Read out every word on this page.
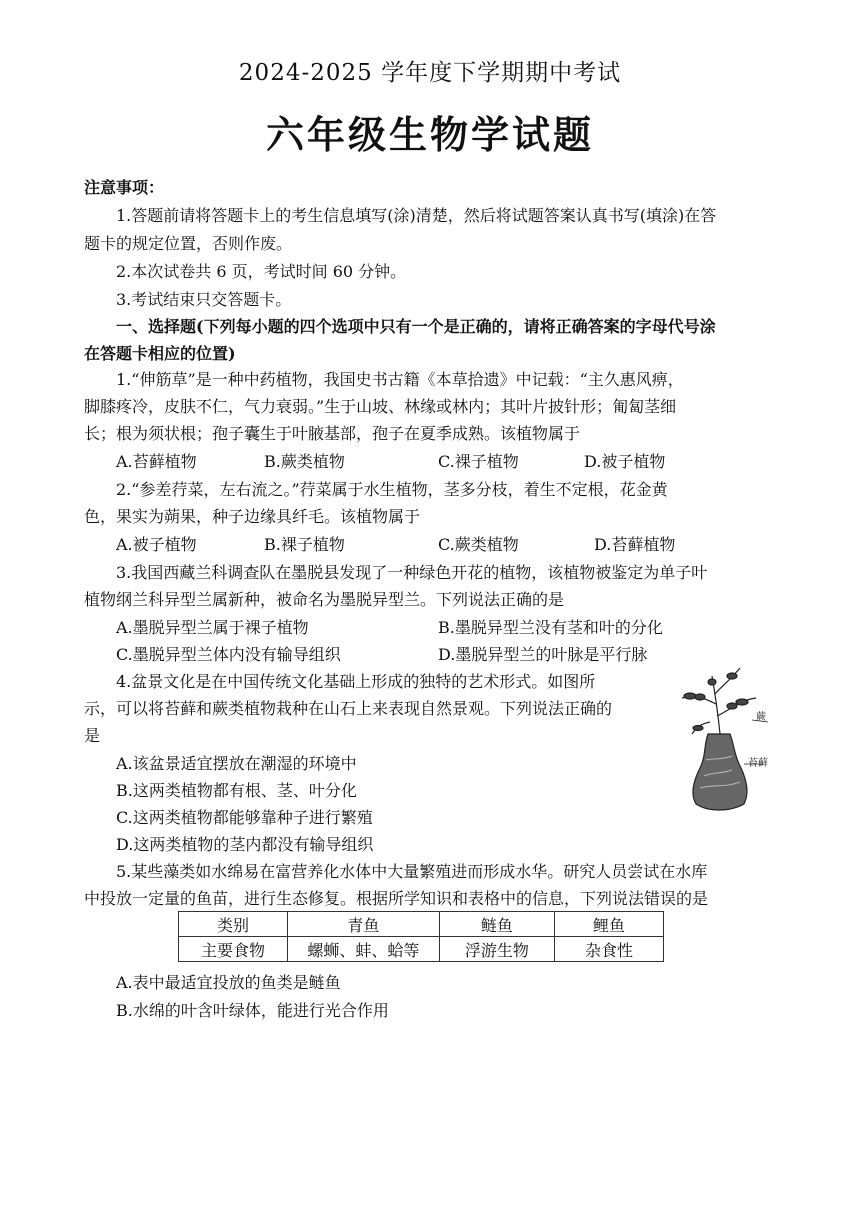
2024-2025 学年度下学期期中考试
六年级生物学试题
注意事项：
1.答题前请将答题卡上的考生信息填写(涂)清楚，然后将试题答案认真书写(填涂)在答
题卡的规定位置，否则作废。
2.本次试卷共 6 页，考试时间 60 分钟。
3.考试结束只交答题卡。
一、选择题(下列每小题的四个选项中只有一个是正确的，请将正确答案的字母代号涂
在答题卡相应的位置)
1.“伸筋草”是一种中药植物，我国史书古籍《本草拾遗》中记载：“主久惠风痹，
脚膝疼冷，皮肤不仁，气力衰弱。”生于山坡、林缘或林内；其叶片披针形；匍匐茎细
长；根为须状根；孢子囊生于叶腋基部，孢子在夏季成熟。该植物属于
A.苔藓植物	B.蕨类植物	C.裸子植物	D.被子植物
2.“参差荇菜，左右流之。”荇菜属于水生植物，茎多分枝，着生不定根，花金黄
色，果实为蒴果，种子边缘具纤毛。该植物属于
A.被子植物	B.裸子植物	C.蕨类植物	D.苔藓植物
3.我国西藏兰科调查队在墨脱县发现了一种绿色开花的植物，该植物被鉴定为单子叶
植物纲兰科异型兰属新种，被命名为墨脱异型兰。下列说法正确的是
A.墨脱异型兰属于裸子植物	B.墨脱异型兰没有茎和叶的分化
C.墨脱异型兰体内没有输导组织	D.墨脱异型兰的叶脉是平行脉
4.盆景文化是在中国传统文化基础上形成的独特的艺术形式。如图所
示，可以将苔藓和蕨类植物栽种在山石上来表现自然景观。下列说法正确的
是
A.该盆景适宜摆放在潮湿的环境中
B.这两类植物都有根、茎、叶分化
C.这两类植物都能够靠种子进行繁殖
D.这两类植物的茎内都没有输导组织
蕨
苔藓
5.某些藻类如水绵易在富营养化水体中大量繁殖进而形成水华。研究人员尝试在水库
中投放一定量的鱼苗，进行生态修复。根据所学知识和表格中的信息，下列说法错误的是
类别	青鱼	鲢鱼	鲤鱼
主要食物	螺蛳、蚌、蛤等	浮游生物	杂食性
A.表中最适宜投放的鱼类是鲢鱼
B.水绵的叶含叶绿体，能进行光合作用
